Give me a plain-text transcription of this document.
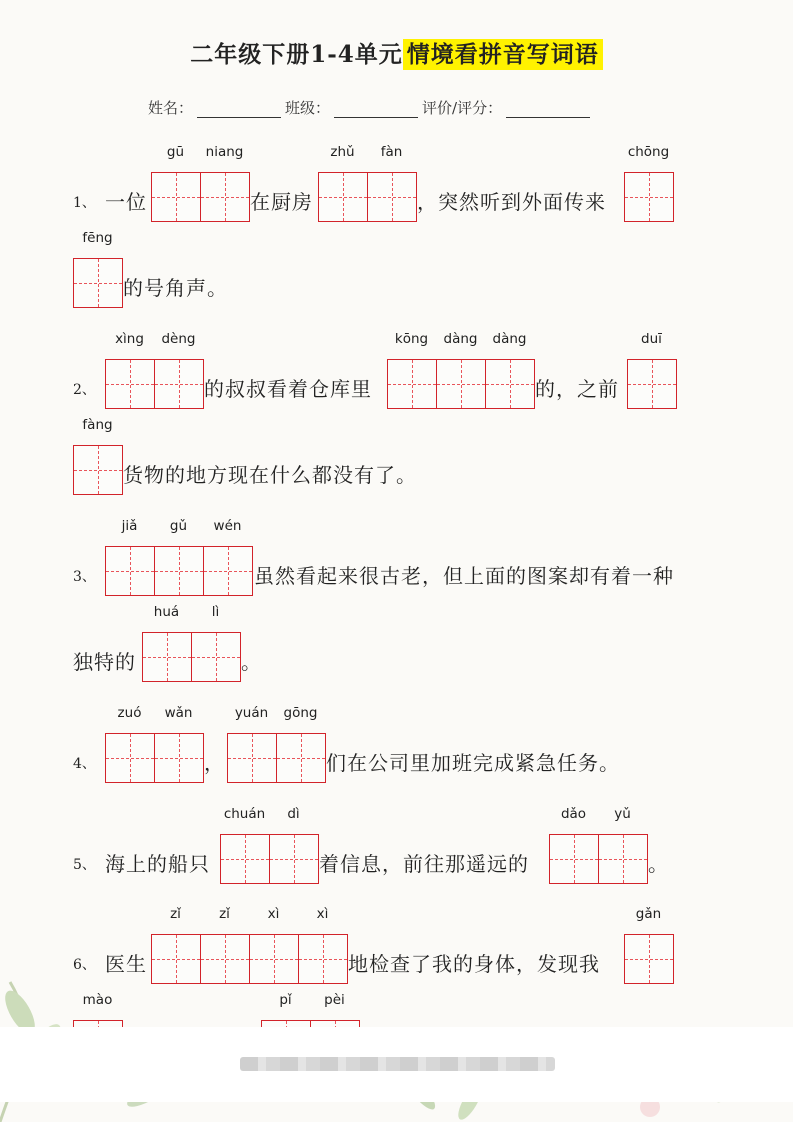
二年级下册1-4单元 情境看拼音写词语
姓名：	班级：	评价/评分：
1、 一位
gū	niang
在厨房
zhǔ	fàn
，突然听到外面传来
chōng
fēng
的号角声。
2、
xìng	dèng
的叔叔看着仓库里
kōng	dàng	dàng
的，之前
duī
fàng
货物的地方现在什么都没有了。
3、
jiǎ	gǔ	wén
虽然看起来很古老，但上面的图案却有着一种
独特的
huá	lì
。
4、
zuó	wǎn
，
yuán	gōng
们在公司里加班完成紧急任务。
5、 海上的船只
chuán	dì
着信息，前往那遥远的
dǎo	yǔ
。
6、 医生
zǐ	zǐ	xì	xì
地检查了我的身体，发现我
gǎn
mào	pǐ	pèi
